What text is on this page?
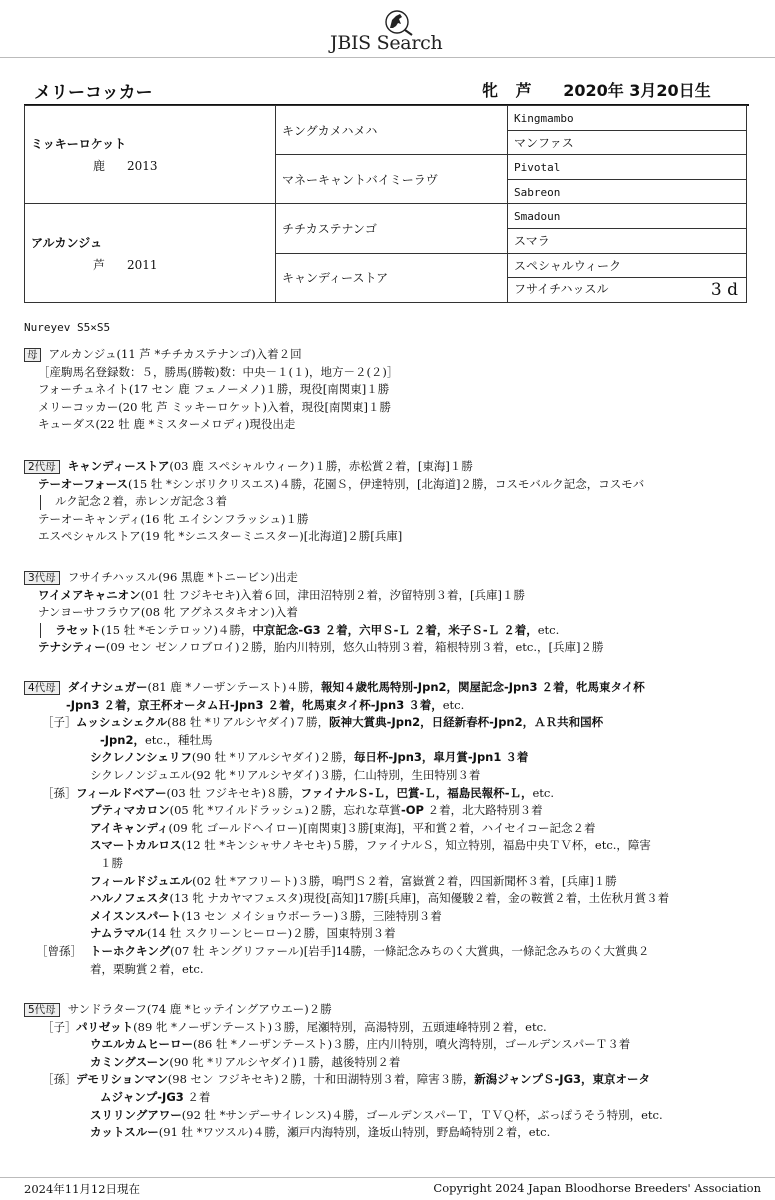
JBIS Search
メリーコッカー	牝 芦 2020年 3月20日生
ミッキーロケット
鹿 2013	キングカメハメハ	Kingmambo
		マンファス
	マネーキャントバイミーラヴ	Pivotal
		Sabreon

アルカンジュ
芦 2011	チチカステナンゴ	Smadoun
		スマラ
	キャンディーストア	スペシャルウィーク
		フサイチハッスル 3 d
Nureyev S5×S5
母 アルカンジュ(11 芦 *チチカステナンゴ)入着２回
［産駒馬名登録数：５，勝馬(勝鞍)数：中央－１(１)，地方－２(２)］
フォーチュネイト(17 セン 鹿 フェノーメノ)１勝，現役[南関東]１勝
メリーコッカー(20 牝 芦 ミッキーロケット)入着，現役[南関東]１勝
キューダス(22 牡 鹿 *ミスターメロディ)現役出走
2代母 キャンディーストア(03 鹿 スペシャルウィーク)１勝，赤松賞２着，[東海]１勝
テーオーフォース(15 牡 *シンボリクリスエス)４勝，花園Ｓ，伊達特別，[北海道]２勝，コスモバルク記念，コスモバ
ルク記念２着，赤レンガ記念３着
テーオーキャンディ(16 牝 エイシンフラッシュ)１勝
エスペシャルストア(19 牝 *シニスターミニスター)[北海道]２勝[兵庫]
3代母 フサイチハッスル(96 黒鹿 *トニービン)出走
ワイメアキャニオン(01 牡 フジキセキ)入着６回，津田沼特別２着，汐留特別３着，[兵庫]１勝
ナンヨーサフラウア(08 牝 アグネスタキオン)入着
ラセット(15 牡 *モンテロッソ)４勝，中京記念-G3 ２着，六甲Ｓ-Ｌ ２着，米子Ｓ-Ｌ ２着，etc.
テナシティー(09 セン ゼンノロブロイ)２勝，胎内川特別，悠久山特別３着，箱根特別３着，etc.，[兵庫]２勝
4代母 ダイナシュガー(81 鹿 *ノーザンテースト)４勝，報知４歳牝馬特別-Jpn2，関屋記念-Jpn3 ２着，牝馬東タイ杯
-Jpn3 ２着，京王杯オータムＨ-Jpn3 ２着，牝馬東タイ杯-Jpn3 ３着，etc.
［子］ムッシュシェクル(88 牡 *リアルシヤダイ)７勝，阪神大賞典-Jpn2，日経新春杯-Jpn2，ＡＲ共和国杯
-Jpn2，etc.，種牡馬
シクレノンシェリフ(90 牡 *リアルシヤダイ)２勝，毎日杯-Jpn3，皐月賞-Jpn1 ３着
シクレノンジュエル(92 牝 *リアルシヤダイ)３勝，仁山特別，生田特別３着
［孫］フィールドベアー(03 牡 フジキセキ)８勝，ファイナルＳ-Ｌ，巴賞-Ｌ，福島民報杯-Ｌ，etc.
プティマカロン(05 牝 *ワイルドラッシュ)２勝，忘れな草賞-OP ２着，北大路特別３着
アイキャンディ(09 牝 ゴールドヘイロー)[南関東]３勝[東海]，平和賞２着，ハイセイコー記念２着
スマートカルロス(12 牡 *キンシャサノキセキ)５勝，ファイナルＳ，知立特別，福島中央ＴＶ杯，etc.，障害
１勝
フィールドジュエル(02 牡 *アフリート)３勝，鳴門Ｓ２着，富嶽賞２着，四国新聞杯３着，[兵庫]１勝
ハルノフェスタ(13 牝 ナカヤマフェスタ)現役[高知]17勝[兵庫]，高知優駿２着，金の鞍賞２着，土佐秋月賞３着
メイスンスパート(13 セン メイショウボーラー)３勝，三陸特別３着
ナムラマル(14 牡 スクリーンヒーロー)２勝，国東特別３着
［曾孫］ トーホクキング(07 牡 キングリファール)[岩手]14勝，一條記念みちのく大賞典，一條記念みちのく大賞典２
着，栗駒賞２着，etc.
5代母 サンドラターフ(74 鹿 *ヒッテイングアウエー)２勝
［子］パリゼット(89 牝 *ノーザンテースト)３勝，尾瀬特別，高湯特別，五頭連峰特別２着，etc.
ウエルカムヒーロー(86 牡 *ノーザンテースト)３勝，庄内川特別，噴火湾特別，ゴールデンスパーＴ３着
カミングスーン(90 牝 *リアルシヤダイ)１勝，越後特別２着
［孫］デモリションマン(98 セン フジキセキ)２勝，十和田湖特別３着，障害３勝，新潟ジャンプＳ-JG3，東京オータ
ムジャンプ-JG3 ２着
スリリングアワー(92 牡 *サンデーサイレンス)４勝，ゴールデンスパーＴ，ＴＶＱ杯，ぶっぽうそう特別，etc.
カットスルー(91 牡 *ワツスル)４勝，瀬戸内海特別，逢坂山特別，野島崎特別２着，etc.
2024年11月12日現在	Copyright 2024 Japan Bloodhorse Breeders' Association
